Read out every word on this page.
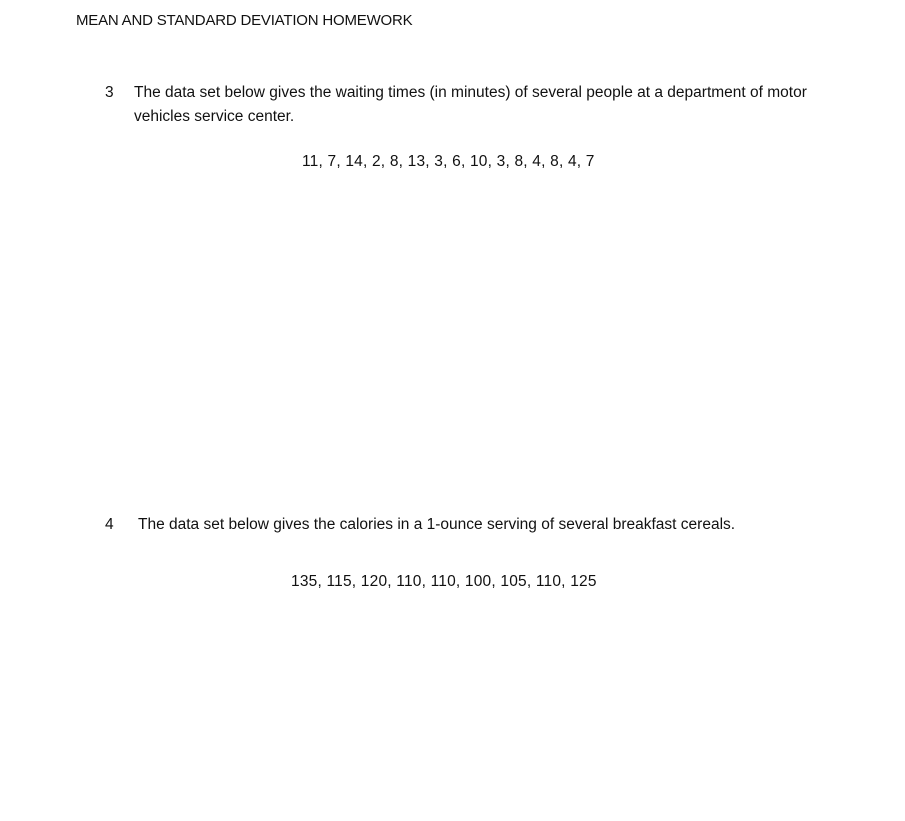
MEAN AND STANDARD DEVIATION HOMEWORK
3 The data set below gives the waiting times (in minutes) of several people at a department of motor vehicles service center.
11, 7, 14, 2, 8, 13, 3, 6, 10, 3, 8, 4, 8, 4, 7
4 The data set below gives the calories in a 1-ounce serving of several breakfast cereals.
135, 115, 120, 110, 110, 100, 105, 110, 125
